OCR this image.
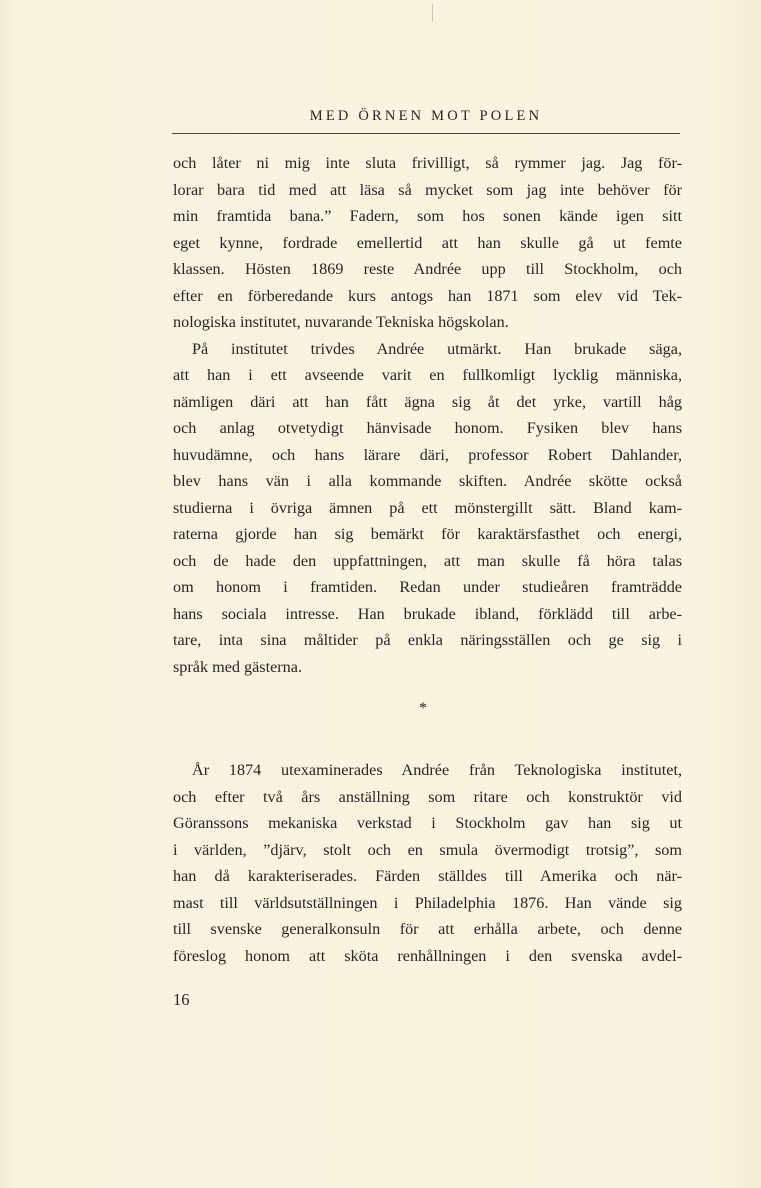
MED ÖRNEN MOT POLEN
och låter ni mig inte sluta frivilligt, så rymmer jag. Jag för-
lorar bara tid med att läsa så mycket som jag inte behöver för
min framtida bana.” Fadern, som hos sonen kände igen sitt
eget kynne, fordrade emellertid att han skulle gå ut femte
klassen. Hösten 1869 reste Andrée upp till Stockholm, och
efter en förberedande kurs antogs han 1871 som elev vid Tek-
nologiska institutet, nuvarande Tekniska högskolan.
På institutet trivdes Andrée utmärkt. Han brukade säga,
att han i ett avseende varit en fullkomligt lycklig människa,
nämligen däri att han fått ägna sig åt det yrke, vartill håg
och anlag otvetydigt hänvisade honom. Fysiken blev hans
huvudämne, och hans lärare däri, professor Robert Dahlander,
blev hans vän i alla kommande skiften. Andrée skötte också
studierna i övriga ämnen på ett mönstergillt sätt. Bland kam-
raterna gjorde han sig bemärkt för karaktärsfasthet och energi,
och de hade den uppfattningen, att man skulle få höra talas
om honom i framtiden. Redan under studieåren framträdde
hans sociala intresse. Han brukade ibland, förklädd till arbe-
tare, inta sina måltider på enkla näringsställen och ge sig i
språk med gästerna.
*
År 1874 utexaminerades Andrée från Teknologiska institutet,
och efter två års anställning som ritare och konstruktör vid
Göranssons mekaniska verkstad i Stockholm gav han sig ut
i världen, ”djärv, stolt och en smula övermodigt trotsig”, som
han då karakteriserades. Färden ställdes till Amerika och när-
mast till världsutställningen i Philadelphia 1876. Han vände sig
till svenske generalkonsuln för att erhålla arbete, och denne
föreslog honom att sköta renhållningen i den svenska avdel-
16
